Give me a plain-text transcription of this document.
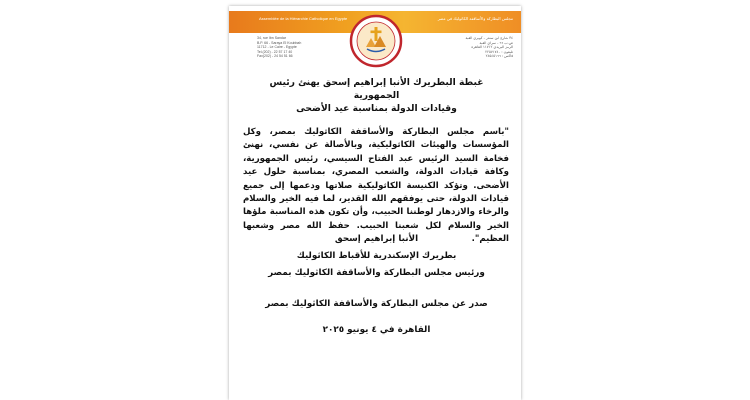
Assemblée de la Hiérarchie Catholique en Egypte	مجلس البطاركة والأساقفة الكاثوليك في مصر
34, rue Ibn Sandar
B.P. 66 - Saraya El Koubbah
11712 - Le Caire - Egypte
Tel.(202) - 22 57 17 40
Fax(202) - 24 54 51 66
٣٤ شارع ابن سندر - كوبري القبة
ص.ب ٦٦ - سراي القبة
الرمز البريدي ١١٧١٢ القاهرة
تليفون : ٢٢٥٧١٧٤٠
فاكس : ٢٤٥٤٥١٦٦
غبطة البطريرك الأنبا إبراهيم إسحق يهنئ رئيس الجمهورية
وقيادات الدولة بمناسبة عيد الأضحى
"باسم مجلس البطاركة والأساقفة الكاثوليك بمصر، وكل المؤسسات والهيئات الكاثوليكية، وبالأصالة عن نفسي، نهنئ فخامة السيد الرئيس عبد الفتاح السيسي، رئيس الجمهورية، وكافة قيادات الدولة، والشعب المصري، بمناسبة حلول عيد الأضحى. وتؤكد الكنيسة الكاثوليكية صلاتها ودعمها إلى جميع قيادات الدولة، حتى يوفقهم الله القدير، لما فيه الخير والسلام والرخاء والازدهار لوطننا الحبيب، وأن تكون هذه المناسبة ملؤها الخير والسلام لكل شعبنا الحبيب. حفظ الله مصر وشعبها العظيم".
الأنبا إبراهيم إسحق
بطريرك الإسكندرية للأقباط الكاثوليك
ورئيس مجلس البطاركة والأساقفة الكاثوليك بمصر
صدر عن مجلس البطاركة والأساقفة الكاثوليك بمصر
القاهرة في ٤ يونيو ٢٠٢٥
